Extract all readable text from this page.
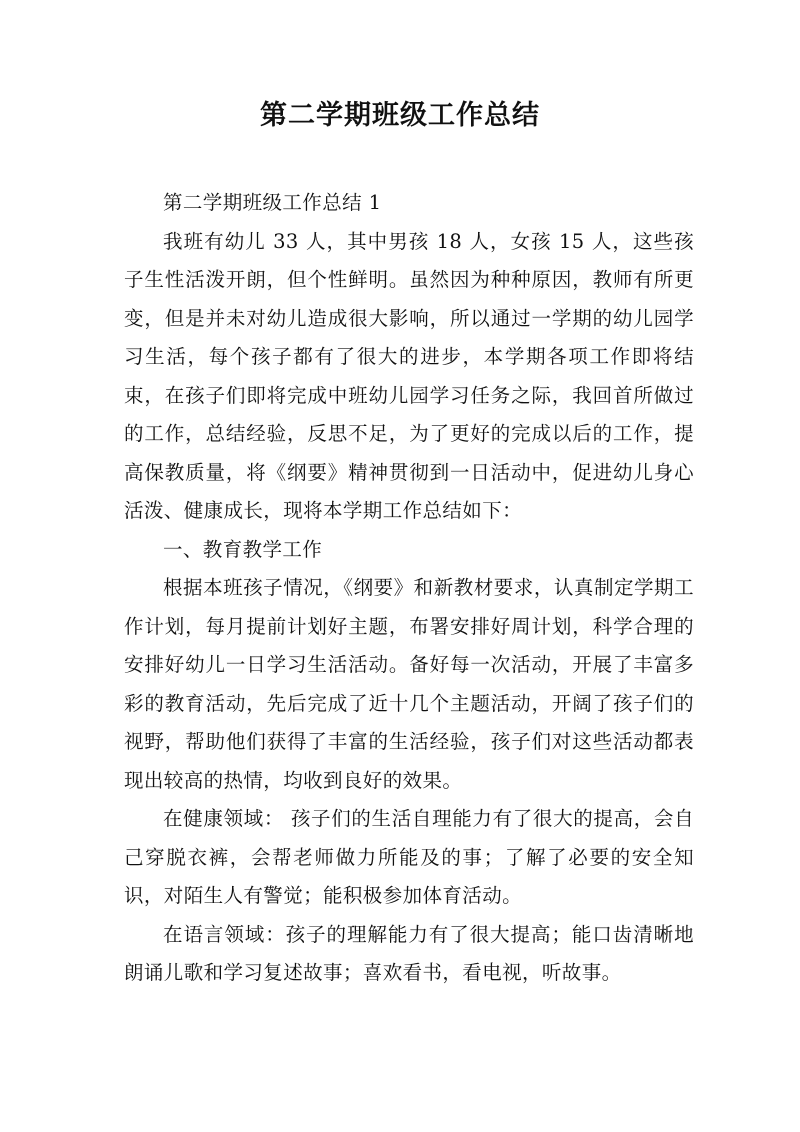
第二学期班级工作总结

第二学期班级工作总结 1

我班有幼儿 33 人，其中男孩 18 人，女孩 15 人，这些孩子生性活泼开朗，但个性鲜明。虽然因为种种原因，教师有所更变，但是并未对幼儿造成很大影响，所以通过一学期的幼儿园学习生活，每个孩子都有了很大的进步，本学期各项工作即将结束，在孩子们即将完成中班幼儿园学习任务之际，我回首所做过的工作，总结经验，反思不足，为了更好的完成以后的工作，提高保教质量，将《纲要》精神贯彻到一日活动中，促进幼儿身心活泼、健康成长，现将本学期工作总结如下：

一、教育教学工作

根据本班孩子情况，《纲要》和新教材要求，认真制定学期工作计划，每月提前计划好主题，布署安排好周计划，科学合理的安排好幼儿一日学习生活活动。备好每一次活动，开展了丰富多彩的教育活动，先后完成了近十几个主题活动，开阔了孩子们的视野，帮助他们获得了丰富的生活经验，孩子们对这些活动都表现出较高的热情，均收到良好的效果。

在健康领域： 孩子们的生活自理能力有了很大的提高，会自己穿脱衣裤，会帮老师做力所能及的事；了解了必要的安全知识，对陌生人有警觉；能积极参加体育活动。

在语言领域：孩子的理解能力有了很大提高；能口齿清晰地朗诵儿歌和学习复述故事；喜欢看书，看电视，听故事。
